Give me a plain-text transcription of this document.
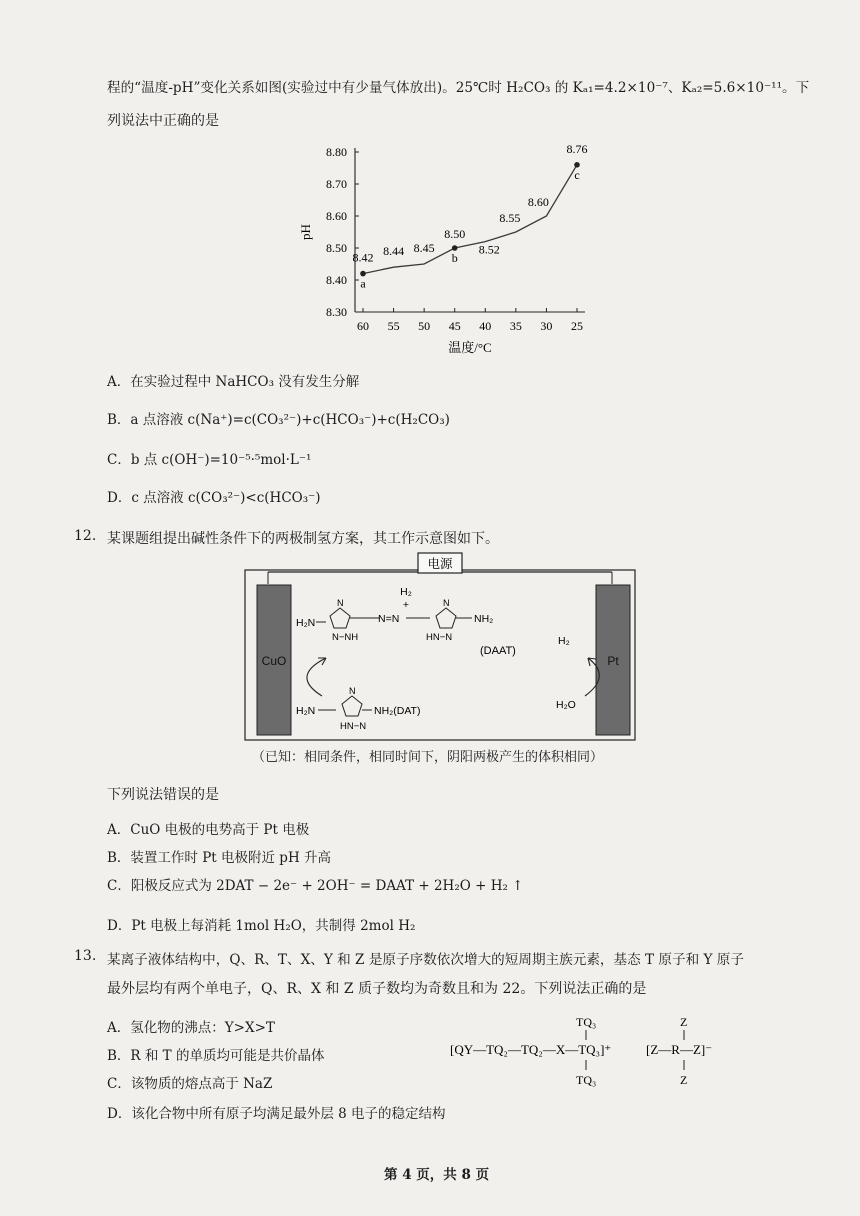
程的“温度-pH”变化关系如图(实验过中有少量气体放出)。25℃时 H₂CO₃ 的 Kₐ₁=4.2×10⁻⁷、Kₐ₂=5.6×10⁻¹¹。下
列说法中正确的是
8.80
8.70
8.60
8.50
8.40
8.30
60 55 50 45 40 35 30 25
温度/°C
pH
8.42
a
8.44 8.45
8.50
b
8.52
8.55
8.60
8.76
c
A．在实验过程中 NaHCO₃ 没有发生分解
B．a 点溶液 c(Na⁺)=c(CO₃²⁻)+c(HCO₃⁻)+c(H₂CO₃)
C．b 点 c(OH⁻)=10⁻⁵·⁵mol·L⁻¹
D．c 点溶液 c(CO₃²⁻)<c(HCO₃⁻)
12. 某课题组提出碱性条件下的两极制氢方案，其工作示意图如下。
电源
CuO	Pt
H₂
+
H₂N
N
N−NH
N=N
N
HN−N
NH₂
(DAAT)
H₂N
N
HN−N
NH₂(DAT)
H₂
H₂O
（已知：相同条件，相同时间下，阴阳两极产生的体积相同）
下列说法错误的是
A．CuO 电极的电势高于 Pt 电极
B．装置工作时 Pt 电极附近 pH 升高
C．阳极反应式为 2DAT − 2e⁻ + 2OH⁻ = DAAT + 2H₂O + H₂ ↑
D．Pt 电极上每消耗 1mol H₂O，共制得 2mol H₂
13. 某离子液体结构中，Q、R、T、X、Y 和 Z 是原子序数依次增大的短周期主族元素，基态 T 原子和 Y 原子
最外层均有两个单电子，Q、R、X 和 Z 质子数均为奇数且和为 22。下列说法正确的是
A．氢化物的沸点：Y>X>T
B．R 和 T 的单质均可能是共价晶体
C．该物质的熔点高于 NaZ
D．该化合物中所有原子均满足最外层 8 电子的稳定结构
TQ₃
[QY—TQ₂—TQ₂—X—TQ₃]⁺
TQ₃
Z
[Z—R—Z]⁻
Z
第 4 页，共 8 页
